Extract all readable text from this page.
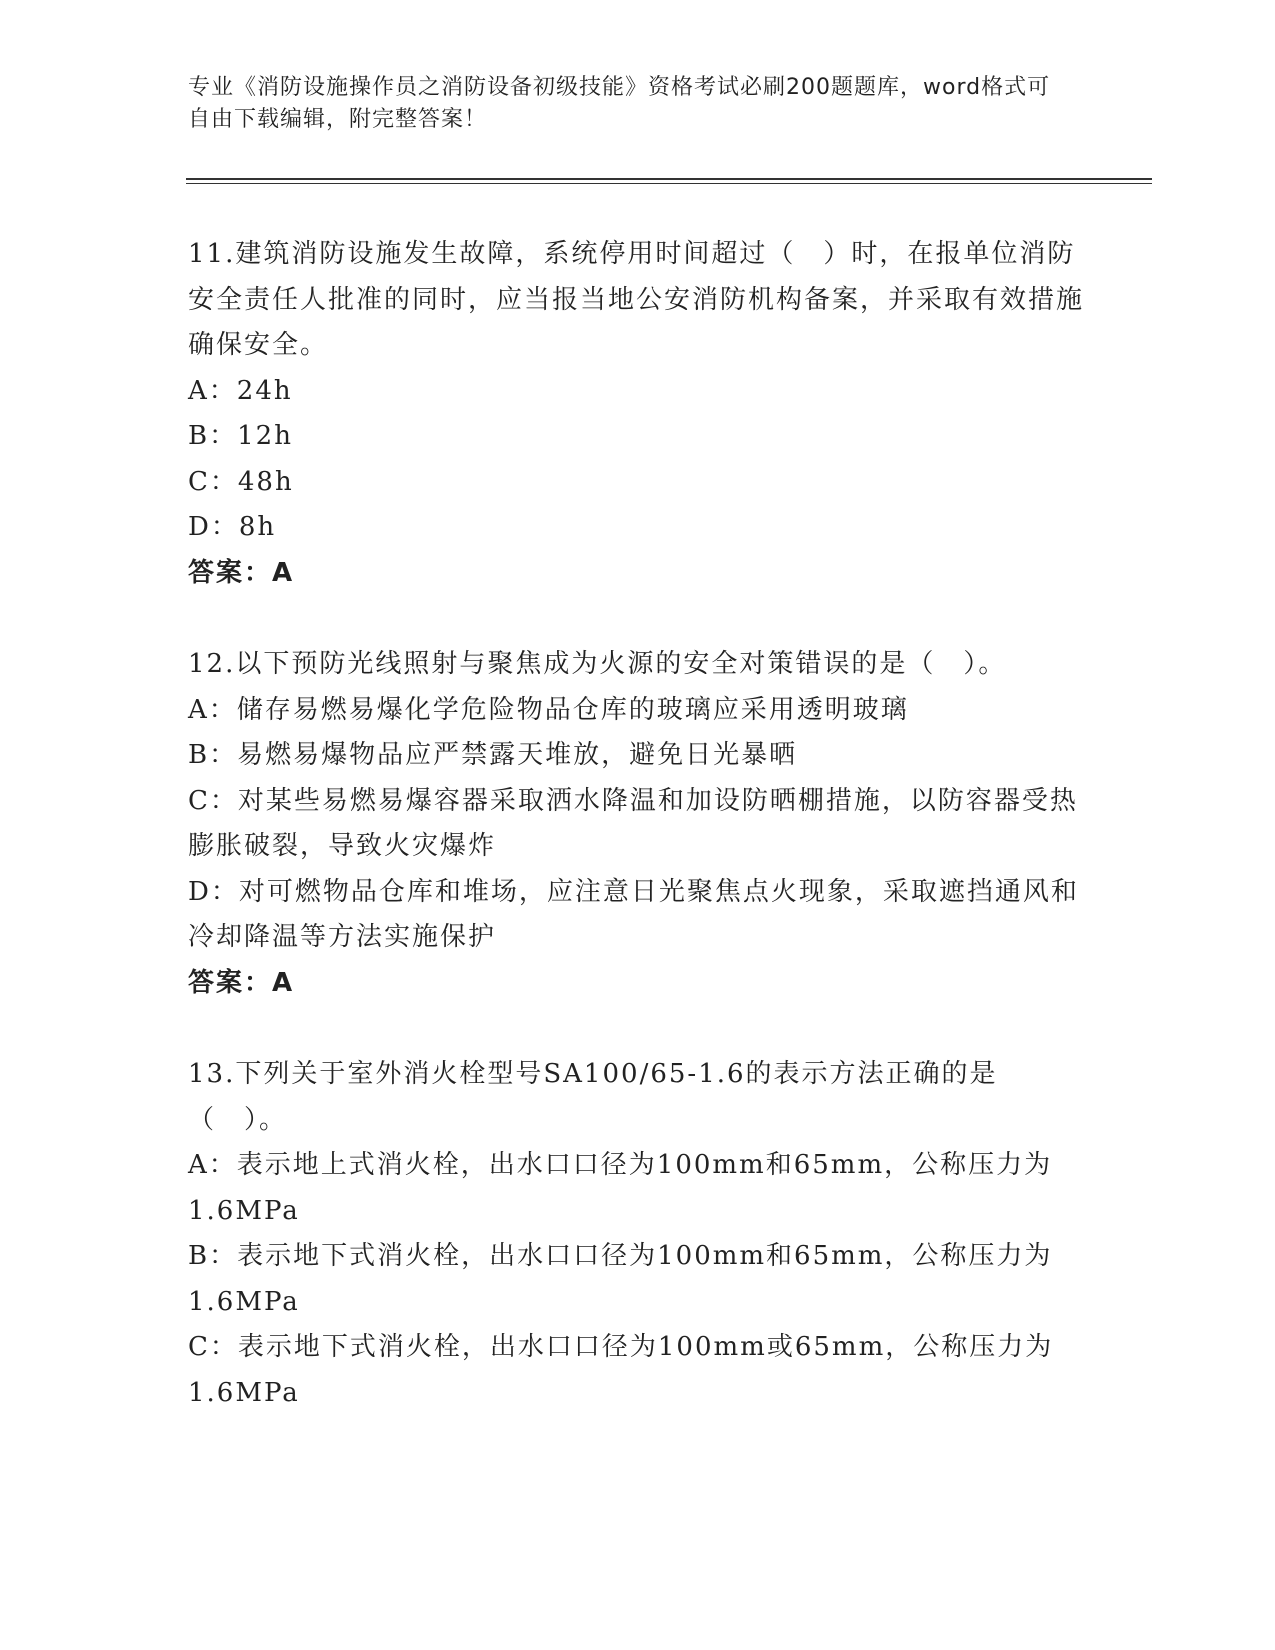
专业《消防设施操作员之消防设备初级技能》资格考试必刷200题题库，word格式可自由下载编辑，附完整答案！

11.建筑消防设施发生故障，系统停用时间超过（　）时，在报单位消防安全责任人批准的同时，应当报当地公安消防机构备案，并采取有效措施确保安全。

A：24h

B：12h

C：48h

D：8h

答案：A

12.以下预防光线照射与聚焦成为火源的安全对策错误的是（　）。

A：储存易燃易爆化学危险物品仓库的玻璃应采用透明玻璃

B：易燃易爆物品应严禁露天堆放，避免日光暴晒

C：对某些易燃易爆容器采取洒水降温和加设防晒棚措施，以防容器受热膨胀破裂，导致火灾爆炸

D：对可燃物品仓库和堆场，应注意日光聚焦点火现象，采取遮挡通风和冷却降温等方法实施保护

答案：A

13.下列关于室外消火栓型号SA100/65-1.6的表示方法正确的是（　）。

A：表示地上式消火栓，出水口口径为100mm和65mm，公称压力为1.6MPa

B：表示地下式消火栓，出水口口径为100mm和65mm，公称压力为1.6MPa

C：表示地下式消火栓，出水口口径为100mm或65mm，公称压力为1.6MPa
